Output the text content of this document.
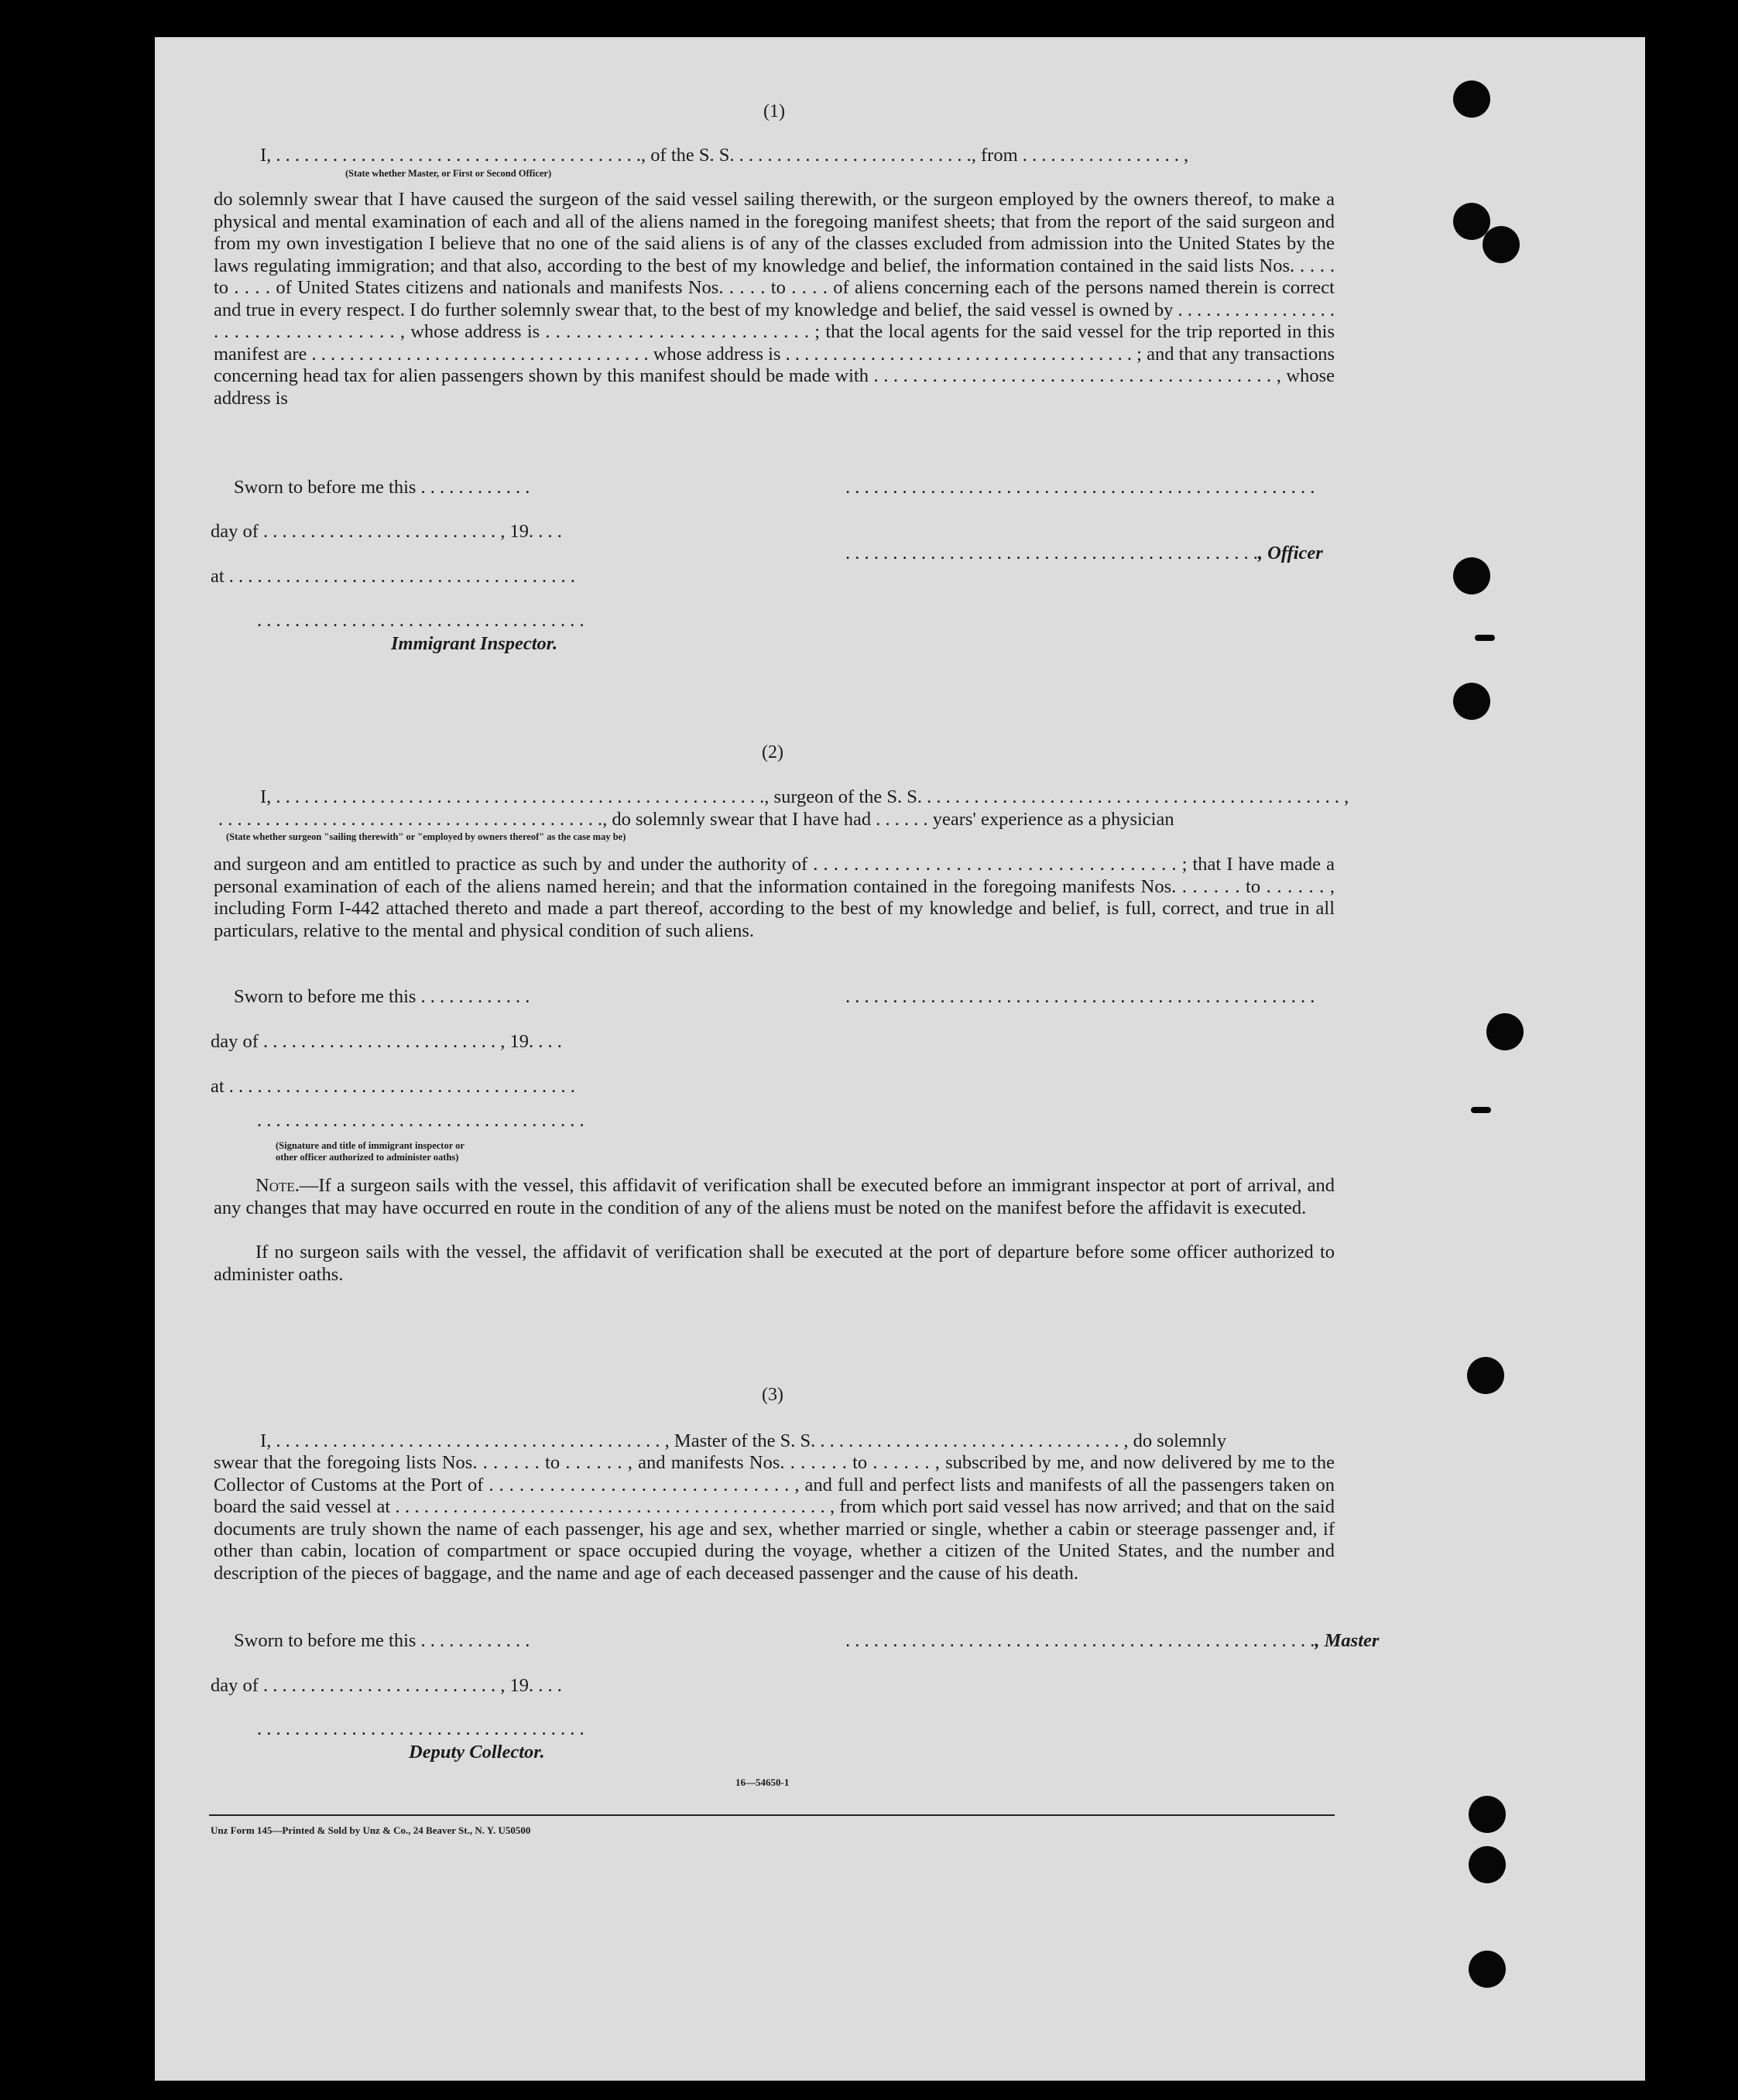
(1)
I, . . . . . . . . . . . . . . . . . . . . . . . . . . . . . . . . . . . . . . ., of the S. S. . . . . . . . . . . . . . . . . . . . . . . . . ., from . . . . . . . . . . . . . . . . . ,
(State whether Master, or First or Second Officer)

do solemnly swear that I have caused the surgeon of the said vessel sailing therewith, or the surgeon employed by the owners thereof, to make a physical and mental examination of each and all of the aliens named in the foregoing manifest sheets; that from the report of the said surgeon and from my own investigation I believe that no one of the said aliens is of any of the classes excluded from admission into the United States by the laws regulating immigration; and that also, according to the best of my knowledge and belief, the information contained in the said lists Nos. . . . . to . . . . of United States citizens and nationals and manifests Nos. . . . . to . . . . of aliens concerning each of the persons named therein is correct and true in every respect. I do further solemnly swear that, to the best of my knowledge and belief, the said vessel is owned by . . . . . . . . . . . . . . . . . . . . . . . . . . . . . . . . . . . , whose address is . . . . . . . . . . . . . . . . . . . . . . . . . . ; that the local agents for the said vessel for the trip reported in this manifest are . . . . . . . . . . . . . . . . . . . . . . . . . . . . . . . . . . . . whose address is . . . . . . . . . . . . . . . . . . . . . . . . . . . . . . . . . . . . . ; and that any transactions concerning head tax for alien passengers shown by this manifest should be made with . . . . . . . . . . . . . . . . . . . . . . . . . . . . . . . . . . . . . . . . . , whose address is

Sworn to before me this . . . . . . . . . . . .
day of . . . . . . . . . . . . . . . . . . . . . . . . . , 19. . . .
at . . . . . . . . . . . . . . . . . . . . . . . . . . . . . . . . . . . . .
. . . . . . . . . . . . . . . . . . . . . . . . . . . . . . . . . . .
Immigrant Inspector.
. . . . . . . . . . . . . . . . . . . . . . . . . . . . . . . . . . . . . . . . . . . . . . . . . .
. . . . . . . . . . . . . . . . . . . . . . . . . . . . . . . . . . . . . . . . . . . ., Officer
(2)
I, . . . . . . . . . . . . . . . . . . . . . . . . . . . . . . . . . . . . . . . . . . . . . . . . . . . ., surgeon of the S. S. . . . . . . . . . . . . . . . . . . . . . . . . . . . . . . . . . . . . . . . . . . . . ,
. . . . . . . . . . . . . . . . . . . . . . . . . . . . . . . . . . . . . . . . ., do solemnly swear that I have had . . . . . . years' experience as a physician
(State whether surgeon "sailing therewith" or "employed by owners thereof" as the case may be)

and surgeon and am entitled to practice as such by and under the authority of . . . . . . . . . . . . . . . . . . . . . . . . . . . . . . . . . . . . ; that I have made a personal examination of each of the aliens named herein; and that the information contained in the foregoing manifests Nos. . . . . . . to . . . . . . , including Form I-442 attached thereto and made a part thereof, according to the best of my knowledge and belief, is full, correct, and true in all particulars, relative to the mental and physical condition of such aliens.

Sworn to before me this . . . . . . . . . . . .
day of . . . . . . . . . . . . . . . . . . . . . . . . . , 19. . . .
at . . . . . . . . . . . . . . . . . . . . . . . . . . . . . . . . . . . . .
. . . . . . . . . . . . . . . . . . . . . . . . . . . . . . . . . . .
(Signature and title of immigrant inspector or
other officer authorized to administer oaths)
. . . . . . . . . . . . . . . . . . . . . . . . . . . . . . . . . . . . . . . . . . . . . . . . . .

Note.—If a surgeon sails with the vessel, this affidavit of verification shall be executed before an immigrant inspector at port of arrival, and any changes that may have occurred en route in the condition of any of the aliens must be noted on the manifest before the affidavit is executed.

If no surgeon sails with the vessel, the affidavit of verification shall be executed at the port of departure before some officer authorized to administer oaths.

(3)

I, . . . . . . . . . . . . . . . . . . . . . . . . . . . . . . . . . . . . . . . . . , Master of the S. S. . . . . . . . . . . . . . . . . . . . . . . . . . . . . . . . . , do solemnly

swear that the foregoing lists Nos. . . . . . . to . . . . . . , and manifests Nos. . . . . . . to . . . . . . , subscribed by me, and now delivered by me to the Collector of Customs at the Port of . . . . . . . . . . . . . . . . . . . . . . . . . . . . . . , and full and perfect lists and manifests of all the passengers taken on board the said vessel at . . . . . . . . . . . . . . . . . . . . . . . . . . . . . . . . . . . . . . . . . . . . . , from which port said vessel has now arrived; and that on the said documents are truly shown the name of each passenger, his age and sex, whether married or single, whether a cabin or steerage passenger and, if other than cabin, location of compartment or space occupied during the voyage, whether a citizen of the United States, and the number and description of the pieces of baggage, and the name and age of each deceased passenger and the cause of his death.

Sworn to before me this . . . . . . . . . . . .
day of . . . . . . . . . . . . . . . . . . . . . . . . . , 19. . . .
. . . . . . . . . . . . . . . . . . . . . . . . . . . . . . . . . . .
Deputy Collector.
. . . . . . . . . . . . . . . . . . . . . . . . . . . . . . . . . . . . . . . . . . . . . . . . . ., Master
16—54650-1
Unz Form 145—Printed & Sold by Unz & Co., 24 Beaver St., N. Y. U50500
